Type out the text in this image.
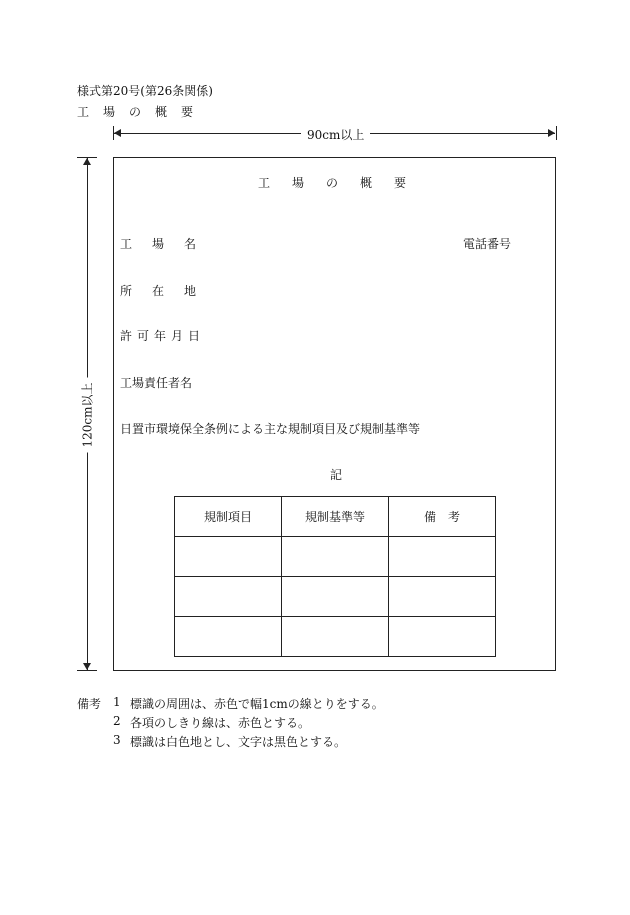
様式第20号(第26条関係)
工場の概要
90cm以上
120cm以上
工場の概要
工場名	電話番号
所在地
許可年月日
工場責任者名
日置市環境保全条例による主な規制項目及び規制基準等
記
規制項目	規制基準等	備　考

備考 1 標識の周囲は、赤色で幅1cmの線とりをする。
2 各項のしきり線は、赤色とする。
3 標識は白色地とし、文字は黒色とする。
